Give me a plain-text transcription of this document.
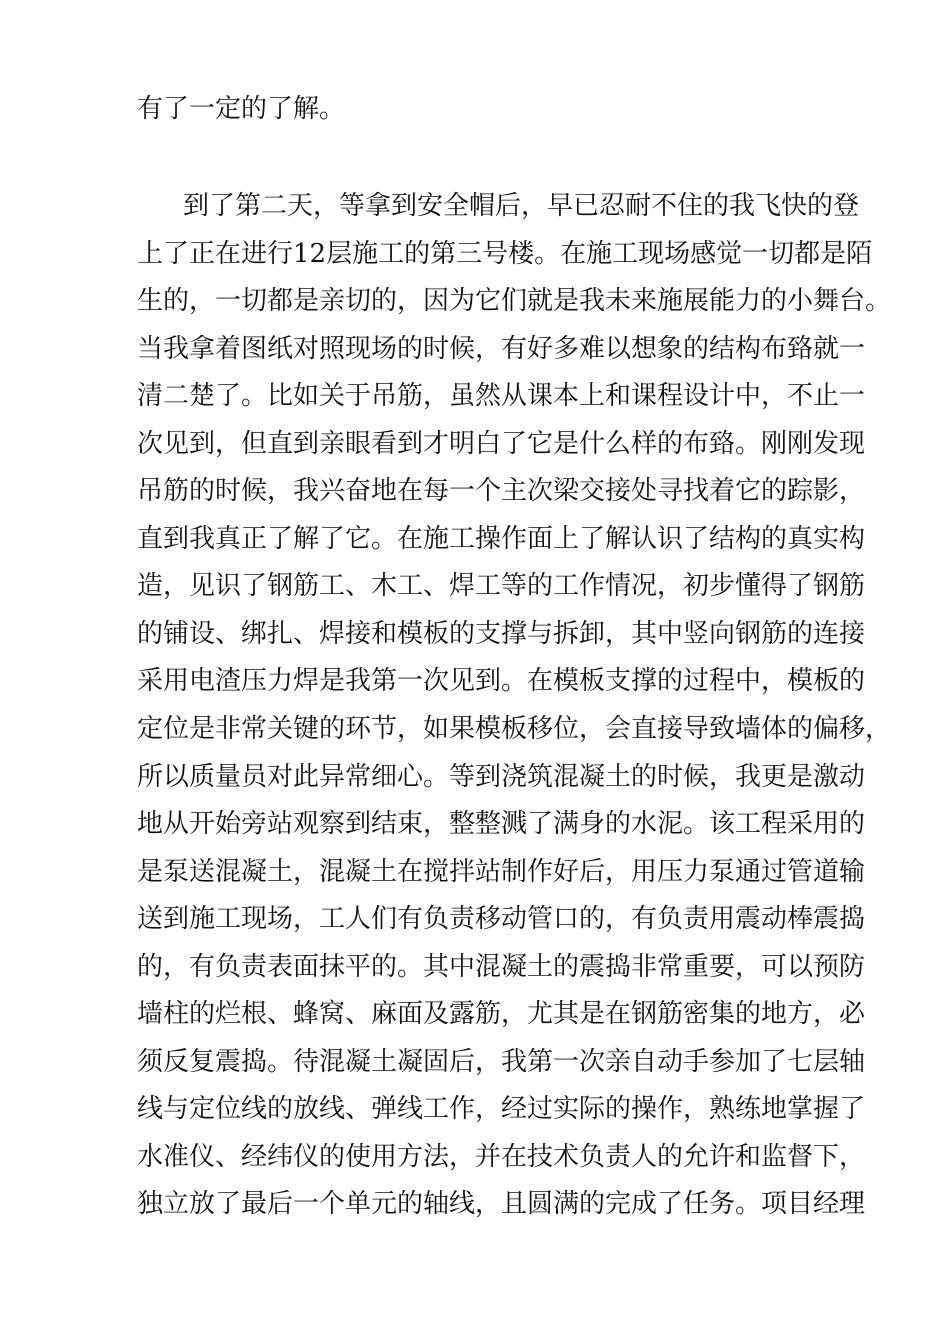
有了一定的了解。
到了第二天，等拿到安全帽后，早已忍耐不住的我飞快的登
上了正在进行12层施工的第三号楼。在施工现场感觉一切都是陌
生的，一切都是亲切的，因为它们就是我未来施展能力的小舞台。
当我拿着图纸对照现场的时候，有好多难以想象的结构布臵就一
清二楚了。比如关于吊筋，虽然从课本上和课程设计中，不止一
次见到，但直到亲眼看到才明白了它是什么样的布臵。刚刚发现
吊筋的时候，我兴奋地在每一个主次梁交接处寻找着它的踪影，
直到我真正了解了它。在施工操作面上了解认识了结构的真实构
造，见识了钢筋工、木工、焊工等的工作情况，初步懂得了钢筋
的铺设、绑扎、焊接和模板的支撑与拆卸，其中竖向钢筋的连接
采用电渣压力焊是我第一次见到。在模板支撑的过程中，模板的
定位是非常关键的环节，如果模板移位，会直接导致墙体的偏移，
所以质量员对此异常细心。等到浇筑混凝土的时候，我更是激动
地从开始旁站观察到结束，整整溅了满身的水泥。该工程采用的
是泵送混凝土，混凝土在搅拌站制作好后，用压力泵通过管道输
送到施工现场，工人们有负责移动管口的，有负责用震动棒震捣
的，有负责表面抹平的。其中混凝土的震捣非常重要，可以预防
墙柱的烂根、蜂窝、麻面及露筋，尤其是在钢筋密集的地方，必
须反复震捣。待混凝土凝固后，我第一次亲自动手参加了七层轴
线与定位线的放线、弹线工作，经过实际的操作，熟练地掌握了
水准仪、经纬仪的使用方法，并在技术负责人的允许和监督下，
独立放了最后一个单元的轴线，且圆满的完成了任务。项目经理
